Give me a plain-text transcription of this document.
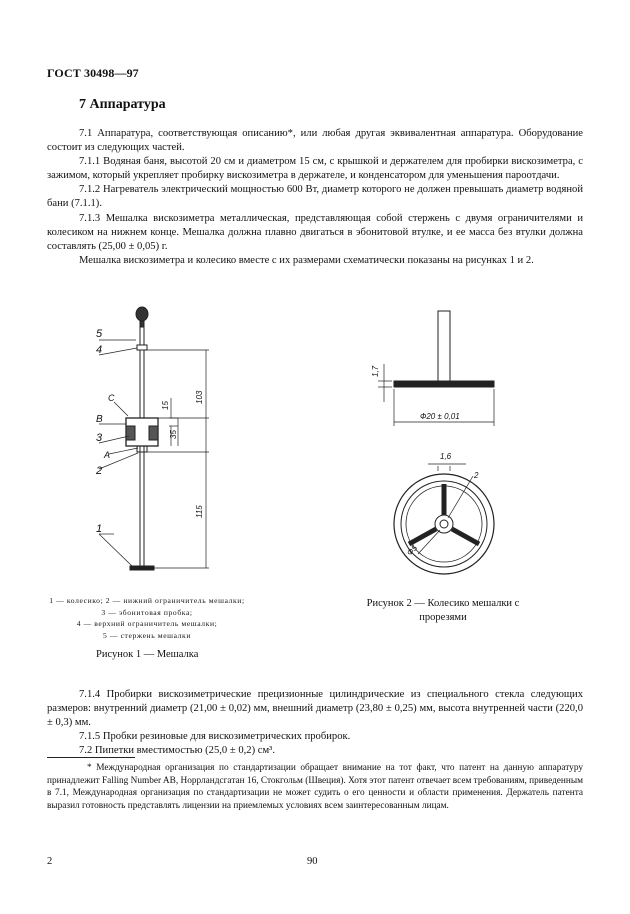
ГОСТ 30498—97
7 Аппаратура

7.1 Аппаратура, соответствующая описанию*, или любая другая эквивалентная аппаратура. Оборудование состоит из следующих частей.

7.1.1 Водяная баня, высотой 20 см и диаметром 15 см, с крышкой и держателем для пробирки вискозиметра, с зажимом, который укрепляет пробирку вискозиметра в держателе, и конденсатором для уменьшения пароотдачи.

7.1.2 Нагреватель электрический мощностью 600 Вт, диаметр которого не должен превышать диаметр водяной бани (7.1.1).

7.1.3 Мешалка вискозиметра металлическая, представляющая собой стержень с двумя ограничителями и колесиком на нижнем конце. Мешалка должна плавно двигаться в эбонитовой втулке, и ее масса без втулки должна составлять (25,00 ± 0,05) г.

Мешалка вискозиметра и колесико вместе с их размерами схематически показаны на рисунках 1 и 2.

5
4
C
B
3
A
2
1
103
15
35
115
1 — колесико; 2 — нижний ограничитель мешалки; 3 — эбонитовая пробка; 4 — верхний ограничитель мешалки; 5 — стержень мешалки
Рисунок 1 — Мешалка
1,7
Ф20 ± 0,01
1,6
2
Ф5
Рисунок 2 — Колесико мешалки с прорезями

7.1.4 Пробирки вискозиметрические прецизионные цилиндрические из специального стекла следующих размеров: внутренний диаметр (21,00 ± 0,02) мм, внешний диаметр (23,80 ± 0,25) мм, высота внутренней части (220,0 ± 0,3) мм.

7.1.5 Пробки резиновые для вискозиметрических пробирок.

7.2 Пипетки вместимостью (25,0 ± 0,2) см³.

* Международная организация по стандартизации обращает внимание на тот факт, что патент на данную аппаратуру принадлежит Falling Number AB, Норрландсгатан 16, Стокгольм (Швеция). Хотя этот патент отвечает всем требованиям, приведенным в 7.1, Международная организация по стандартизации не может судить о его ценности и области применения. Держатель патента выразил готовность представлять лицензии на приемлемых условиях всем заинтересованным лицам.

2	90
